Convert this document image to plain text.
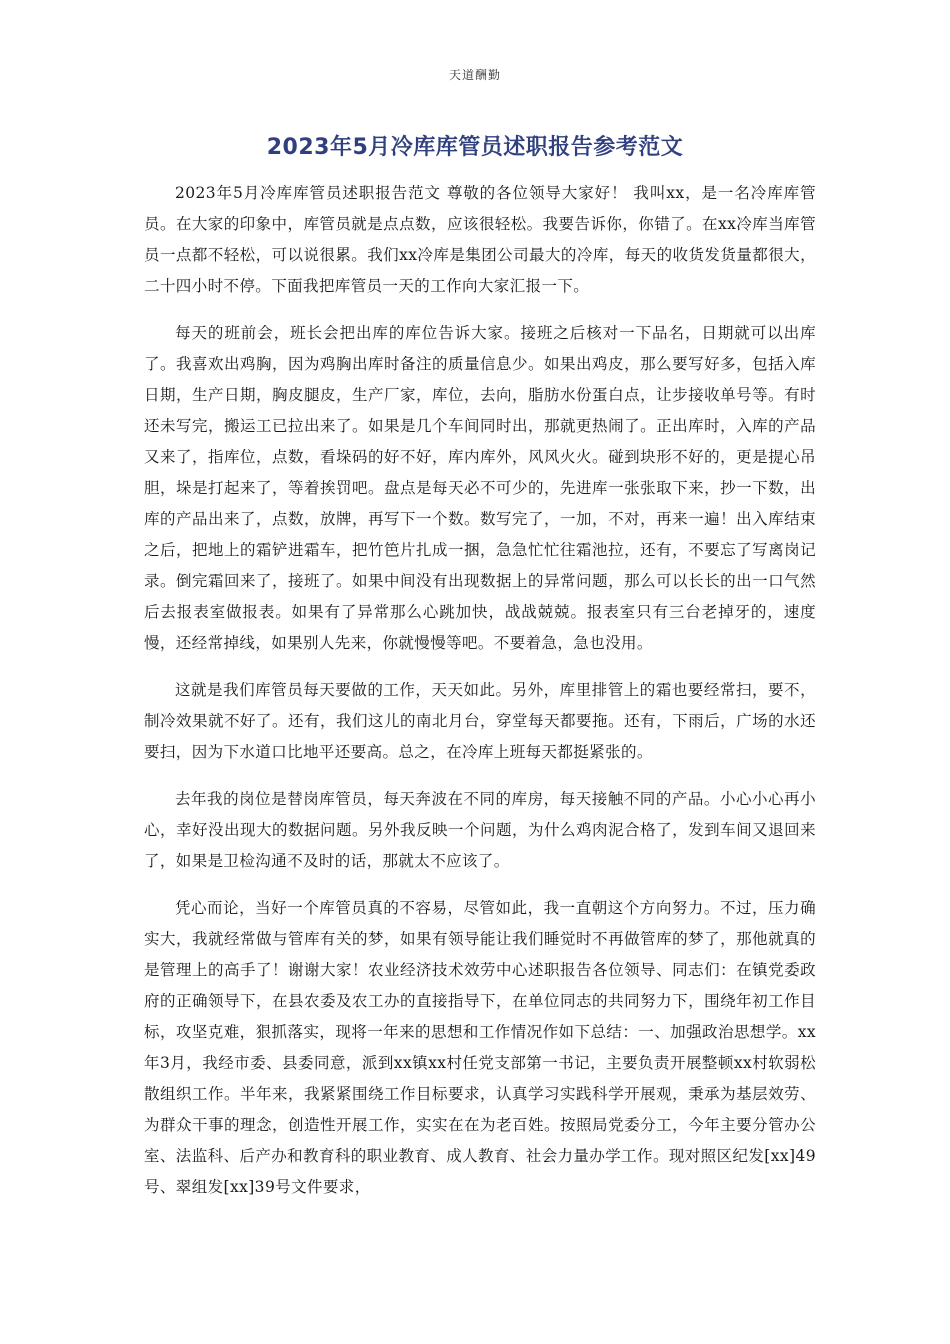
天道酬勤
2023年5月冷库库管员述职报告参考范文

2023年5月冷库库管员述职报告范文 尊敬的各位领导大家好！ 我叫xx，是一名冷库库管员。在大家的印象中，库管员就是点点数，应该很轻松。我要告诉你，你错了。在xx冷库当库管员一点都不轻松，可以说很累。我们xx冷库是集团公司最大的冷库，每天的收货发货量都很大，二十四小时不停。下面我把库管员一天的工作向大家汇报一下。

每天的班前会，班长会把出库的库位告诉大家。接班之后核对一下品名，日期就可以出库了。我喜欢出鸡胸，因为鸡胸出库时备注的质量信息少。如果出鸡皮，那么要写好多，包括入库日期，生产日期，胸皮腿皮，生产厂家，库位，去向，脂肪水份蛋白点，让步接收单号等。有时还未写完，搬运工已拉出来了。如果是几个车间同时出，那就更热闹了。正出库时，入库的产品又来了，指库位，点数，看垛码的好不好，库内库外，风风火火。碰到块形不好的，更是提心吊胆，垛是打起来了，等着挨罚吧。盘点是每天必不可少的，先进库一张张取下来，抄一下数，出库的产品出来了，点数，放牌，再写下一个数。数写完了，一加，不对，再来一遍！出入库结束之后，把地上的霜铲进霜车，把竹笆片扎成一捆，急急忙忙往霜池拉，还有，不要忘了写离岗记录。倒完霜回来了，接班了。如果中间没有出现数据上的异常问题，那么可以长长的出一口气然后去报表室做报表。如果有了异常那么心跳加快，战战兢兢。报表室只有三台老掉牙的，速度慢，还经常掉线，如果别人先来，你就慢慢等吧。不要着急，急也没用。

这就是我们库管员每天要做的工作，天天如此。另外，库里排管上的霜也要经常扫，要不，制冷效果就不好了。还有，我们这儿的南北月台，穿堂每天都要拖。还有，下雨后，广场的水还要扫，因为下水道口比地平还要高。总之，在冷库上班每天都挺紧张的。

去年我的岗位是替岗库管员，每天奔波在不同的库房，每天接触不同的产品。小心小心再小心，幸好没出现大的数据问题。另外我反映一个问题，为什么鸡肉泥合格了，发到车间又退回来了，如果是卫检沟通不及时的话，那就太不应该了。

凭心而论，当好一个库管员真的不容易，尽管如此，我一直朝这个方向努力。不过，压力确实大，我就经常做与管库有关的梦，如果有领导能让我们睡觉时不再做管库的梦了，那他就真的是管理上的高手了！谢谢大家！农业经济技术效劳中心述职报告各位领导、同志们：在镇党委政府的正确领导下，在县农委及农工办的直接指导下，在单位同志的共同努力下，围绕年初工作目标，攻坚克难，狠抓落实，现将一年来的思想和工作情况作如下总结：一、加强政治思想学。xx年3月，我经市委、县委同意，派到xx镇xx村任党支部第一书记，主要负责开展整顿xx村软弱松散组织工作。半年来，我紧紧围绕工作目标要求，认真学习实践科学开展观，秉承为基层效劳、为群众干事的理念，创造性开展工作，实实在在为老百姓。按照局党委分工，今年主要分管办公室、法监科、后产办和教育科的职业教育、成人教育、社会力量办学工作。现对照区纪发[xx]49号、翠组发[xx]39号文件要求，
